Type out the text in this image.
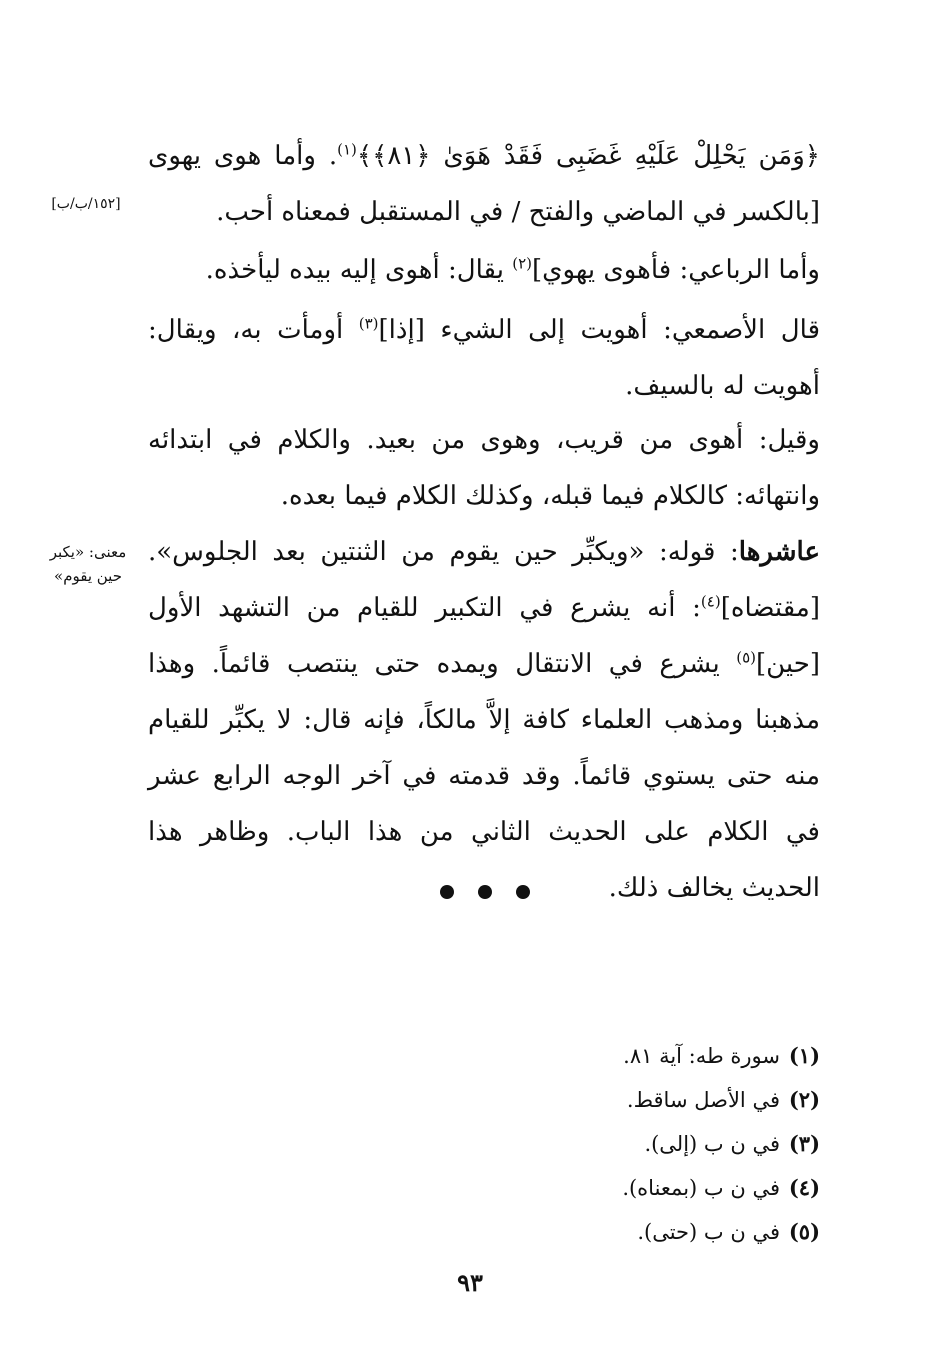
﴿وَمَن يَحْلِلْ عَلَيْهِ غَضَبِى فَقَدْ هَوَىٰ ﴿٨١﴾﴾$^{(١)}$. وأما هوى يهوى [بالكسر في الماضي والفتح / في المستقبل فمعناه أحب.

[١٥٢/ب/ب]

وأما الرباعي: فأهوى يهوي]$^{(٢)}$ يقال: أهوى إليه بيده ليأخذه.

قال الأصمعي: أهويت إلى الشيء [إذا]$^{(٣)}$ أومأت به، ويقال: أهويت له بالسيف.

وقيل: أهوى من قريب، وهوى من بعيد. والكلام في ابتدائه وانتهائه: كالكلام فيما قبله، وكذلك الكلام فيما بعده.

عاشرها: قوله: «ويكبِّر حين يقوم من الثنتين بعد الجلوس». [مقتضاه]$^{(٤)}$: أنه يشرع في التكبير للقيام من التشهد الأول [حين]$^{(٥)}$ يشرع في الانتقال ويمده حتى ينتصب قائماً. وهذا مذهبنا ومذهب العلماء كافة إلاَّ مالكاً، فإنه قال: لا يكبِّر للقيام منه حتى يستوي قائماً. وقد قدمته في آخر الوجه الرابع عشر في الكلام على الحديث الثاني من هذا الباب. وظاهر هذا الحديث يخالف ذلك.

معنى: «يكبر حين يقوم»
(١)
سورة طه: آية ٨١.
(٢)
في الأصل ساقط.
(٣)
في ن ب (إلى).
(٤)
في ن ب (بمعناه).
(٥)
في ن ب (حتى).
٩٣
